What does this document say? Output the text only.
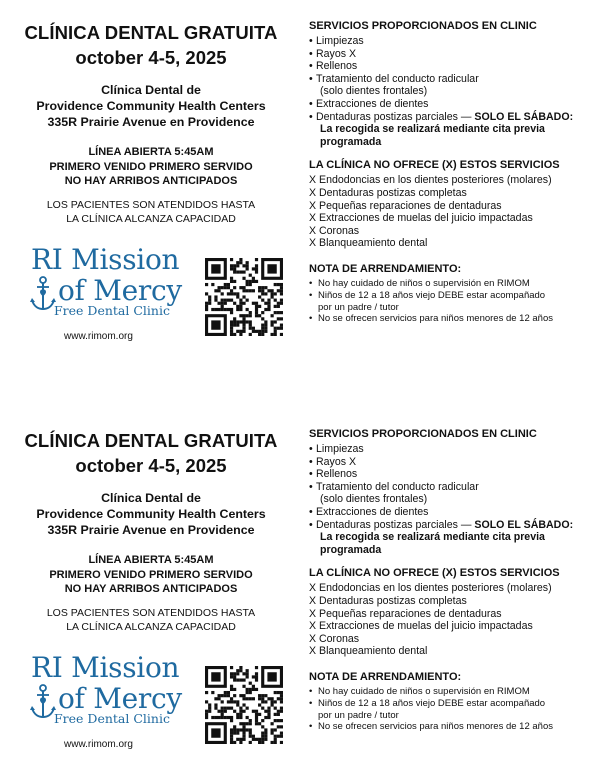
CLÍNICA DENTAL GRATUITA
october 4-5, 2025
Clínica Dental de
Providence Community Health Centers
335R Prairie Avenue en Providence
LÍNEA ABIERTA 5:45AM
PRIMERO VENIDO PRIMERO SERVIDO
NO HAY ARRIBOS ANTICIPADOS
LOS PACIENTES SON ATENDIDOS HASTA
LA CLÍNICA ALCANZA CAPACIDAD
RI Mission
of Mercy
Free Dental Clinic
www.rimom.org
SERVICIOS PROPORCIONADOS EN CLINIC
• Limpiezas
• Rayos X
• Rellenos
• Tratamiento del conducto radicular
(solo dientes frontales)
• Extracciones de dientes
• Dentaduras postizas parciales — SOLO EL SÁBADO:
La recogida se realizará mediante cita previa programada
LA CLÍNICA NO OFRECE (X) ESTOS SERVICIOS
X Endodoncias en los dientes posteriores (molares)
X Dentaduras postizas completas
X Pequeñas reparaciones de dentaduras
X Extracciones de muelas del juicio impactadas
X Coronas
X Blanqueamiento dental
NOTA DE ARRENDAMIENTO:
• No hay cuidado de niños o supervisión en RIMOM
• Niños de 12 a 18 años viejo DEBE estar acompañado
por un padre / tutor
• No se ofrecen servicios para niños menores de 12 años
CLÍNICA DENTAL GRATUITA
october 4-5, 2025
Clínica Dental de
Providence Community Health Centers
335R Prairie Avenue en Providence
LÍNEA ABIERTA 5:45AM
PRIMERO VENIDO PRIMERO SERVIDO
NO HAY ARRIBOS ANTICIPADOS
LOS PACIENTES SON ATENDIDOS HASTA
LA CLÍNICA ALCANZA CAPACIDAD
RI Mission
of Mercy
Free Dental Clinic
www.rimom.org
SERVICIOS PROPORCIONADOS EN CLINIC
• Limpiezas
• Rayos X
• Rellenos
• Tratamiento del conducto radicular
(solo dientes frontales)
• Extracciones de dientes
• Dentaduras postizas parciales — SOLO EL SÁBADO:
La recogida se realizará mediante cita previa programada
LA CLÍNICA NO OFRECE (X) ESTOS SERVICIOS
X Endodoncias en los dientes posteriores (molares)
X Dentaduras postizas completas
X Pequeñas reparaciones de dentaduras
X Extracciones de muelas del juicio impactadas
X Coronas
X Blanqueamiento dental
NOTA DE ARRENDAMIENTO:
• No hay cuidado de niños o supervisión en RIMOM
• Niños de 12 a 18 años viejo DEBE estar acompañado
por un padre / tutor
• No se ofrecen servicios para niños menores de 12 años
